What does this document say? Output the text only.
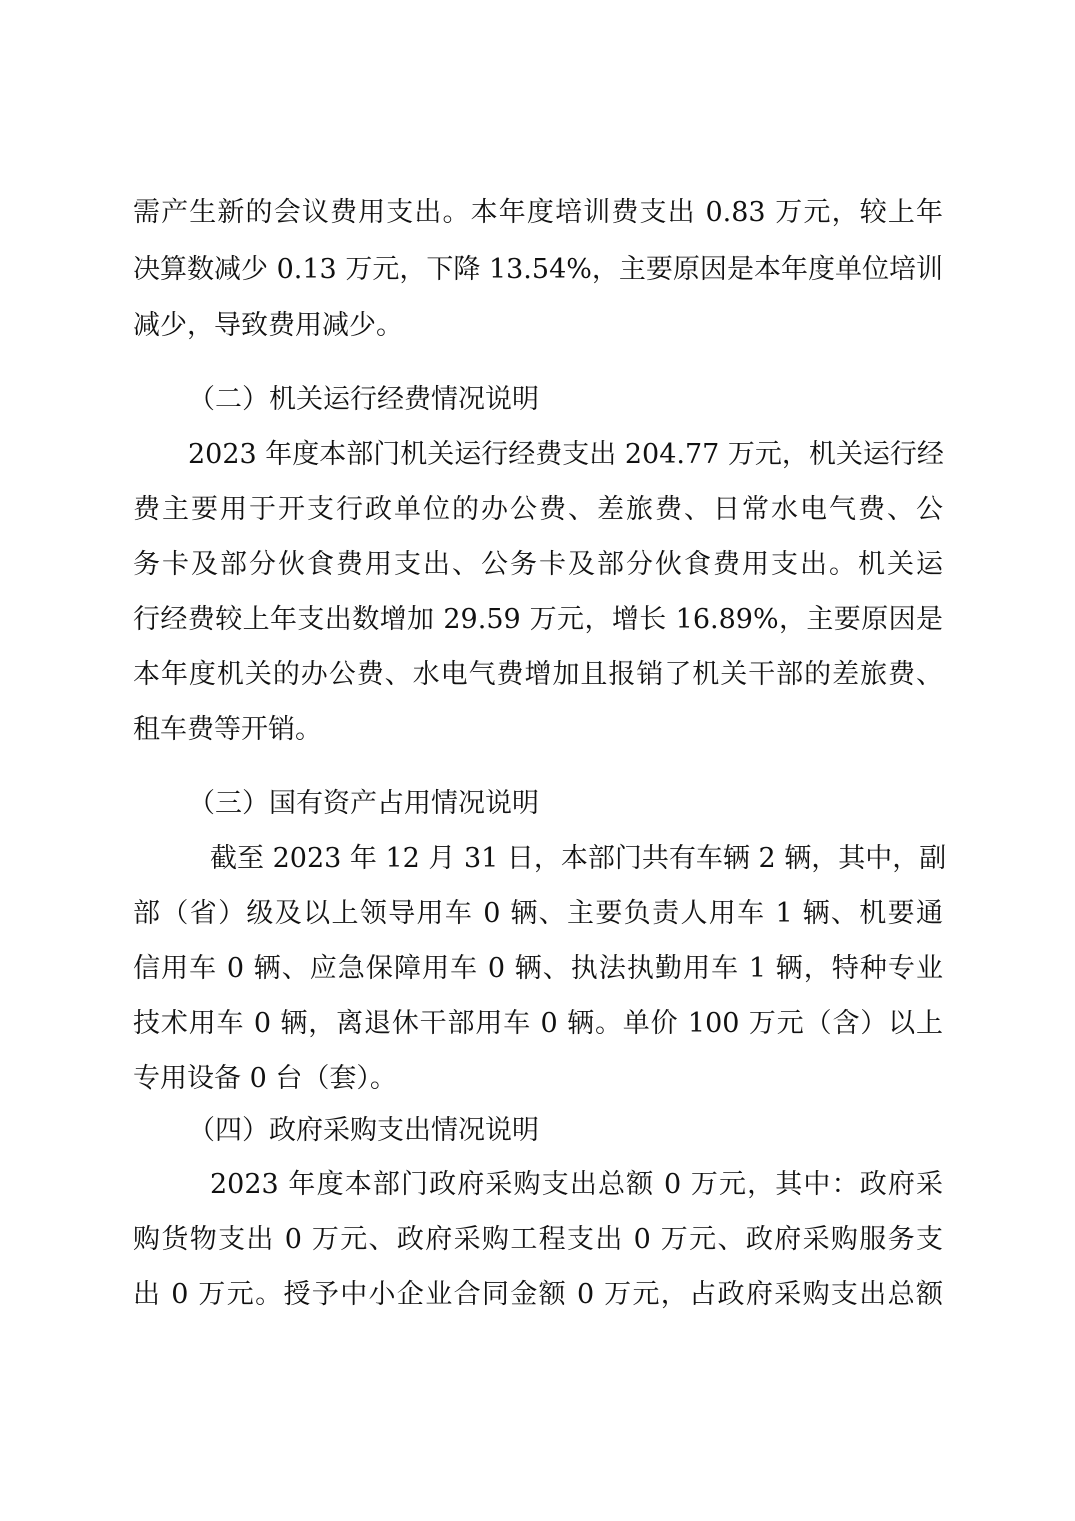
需产生新的会议费用支出。本年度培训费支出 0.83 万元，较上年
决算数减少 0.13 万元，下降 13.54%，主要原因是本年度单位培训
减少，导致费用减少。
（二）机关运行经费情况说明
2023 年度本部门机关运行经费支出 204.77 万元，机关运行经
费主要用于开支行政单位的办公费、差旅费、日常水电气费、公
务卡及部分伙食费用支出、公务卡及部分伙食费用支出。机关运
行经费较上年支出数增加 29.59 万元，增长 16.89%，主要原因是
本年度机关的办公费、水电气费增加且报销了机关干部的差旅费、
租车费等开销。
（三）国有资产占用情况说明
截至 2023 年 12 月 31 日，本部门共有车辆 2 辆，其中，副
部（省）级及以上领导用车 0 辆、主要负责人用车 1 辆、机要通
信用车 0 辆、应急保障用车 0 辆、执法执勤用车 1 辆，特种专业
技术用车 0 辆，离退休干部用车 0 辆。单价 100 万元（含）以上
专用设备 0 台（套）。
（四）政府采购支出情况说明
2023 年度本部门政府采购支出总额 0 万元，其中：政府采
购货物支出 0 万元、政府采购工程支出 0 万元、政府采购服务支
出 0 万元。授予中小企业合同金额 0 万元，占政府采购支出总额
